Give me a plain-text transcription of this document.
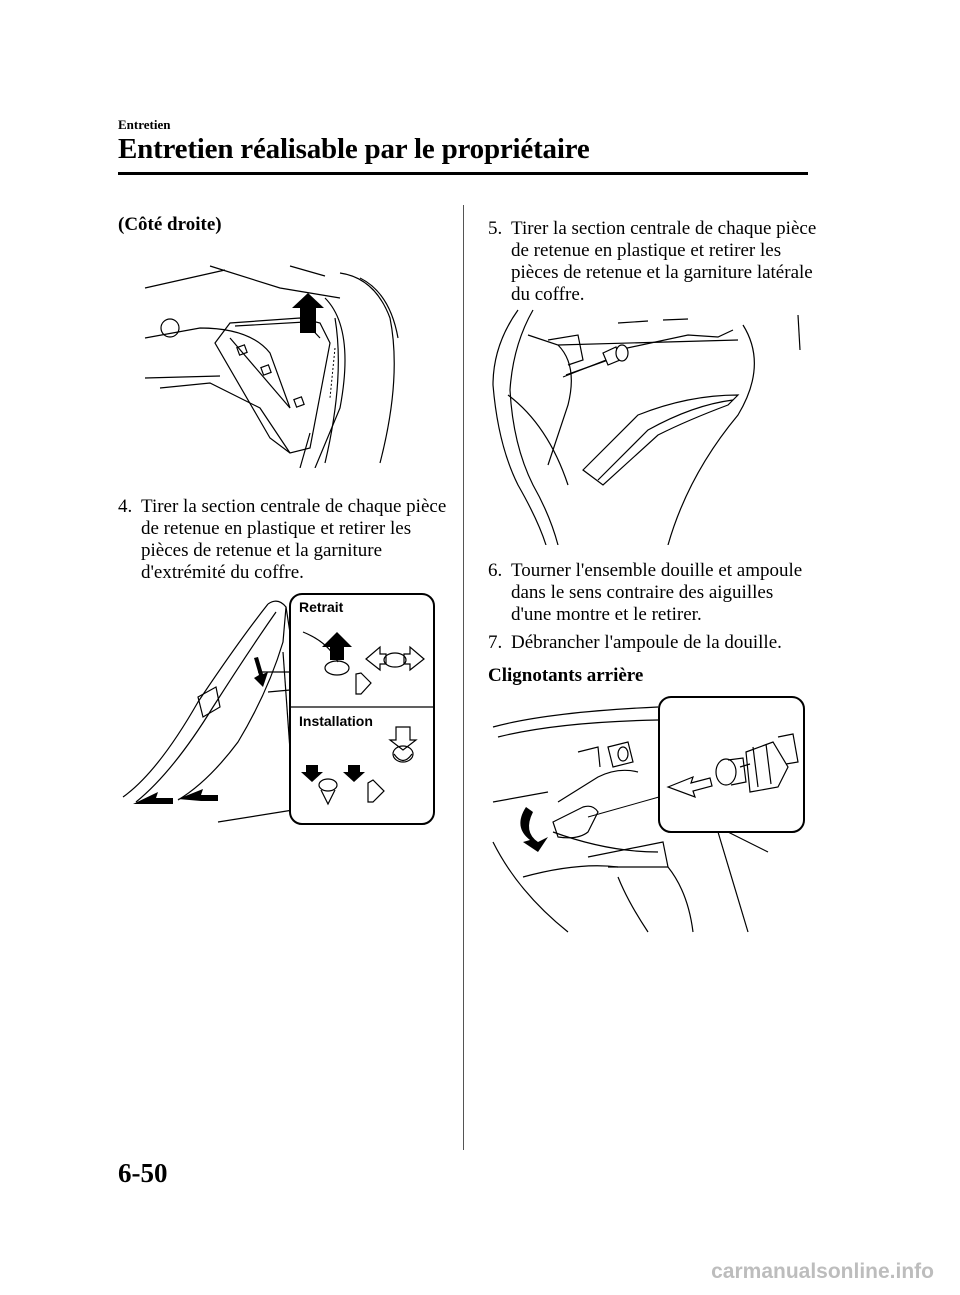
Entretien
Entretien réalisable par le propriétaire
(Côté droite)
4. Tirer la section centrale de chaque pièce de retenue en plastique et retirer les pièces de retenue et la garniture d'extrémité du coffre.
Retrait
Installation
5. Tirer la section centrale de chaque pièce de retenue en plastique et retirer les pièces de retenue et la garniture latérale du coffre.
6. Tourner l'ensemble douille et ampoule dans le sens contraire des aiguilles d'une montre et le retirer.
7. Débrancher l'ampoule de la douille.
Clignotants arrière
6-50
carmanualsonline.info
